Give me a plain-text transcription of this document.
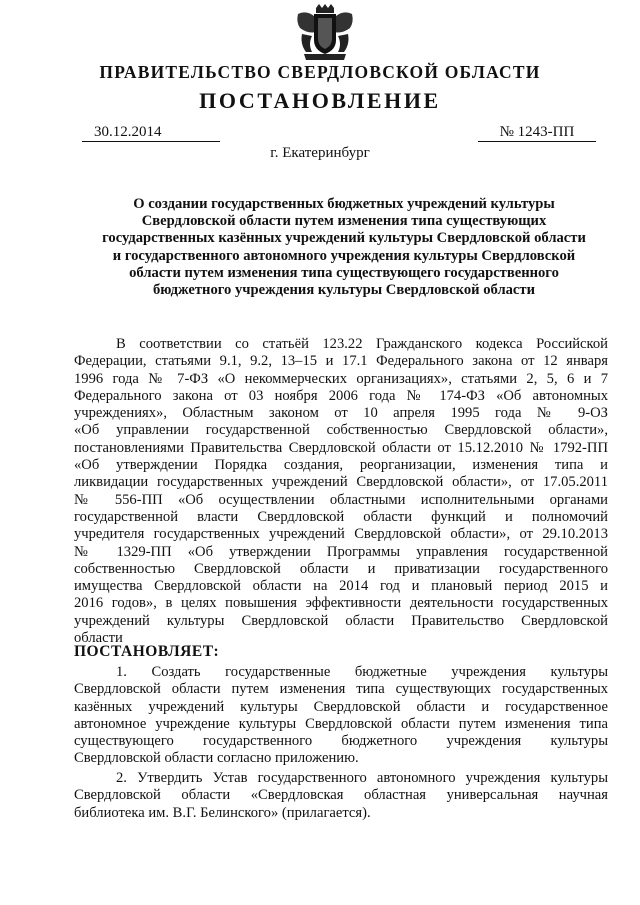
ПРАВИТЕЛЬСТВО СВЕРДЛОВСКОЙ ОБЛАСТИ
ПОСТАНОВЛЕНИЕ
30.12.2014	№ 1243-ПП
г. Екатеринбург
О создании государственных бюджетных учреждений культуры
Свердловской области путем изменения типа существующих
государственных казённых учреждений культуры Свердловской области
и государственного автономного учреждения культуры Свердловской
области путем изменения типа существующего государственного
бюджетного учреждения культуры Свердловской области
В соответствии со статьёй 123.22 Гражданского кодекса Российской
Федерации, статьями 9.1, 9.2, 13–15 и 17.1 Федерального закона от 12 января
1996 года № 7-ФЗ «О некоммерческих организациях», статьями 2, 5, 6 и 7
Федерального закона от 03 ноября 2006 года № 174-ФЗ «Об автономных
учреждениях», Областным законом от 10 апреля 1995 года № 9-ОЗ
«Об управлении государственной собственностью Свердловской области»,
постановлениями Правительства Свердловской области от 15.12.2010 № 1792-ПП
«Об утверждении Порядка создания, реорганизации, изменения типа и
ликвидации государственных учреждений Свердловской области», от 17.05.2011
№ 556-ПП «Об осуществлении областными исполнительными органами
государственной власти Свердловской области функций и полномочий
учредителя государственных учреждений Свердловской области», от 29.10.2013
№ 1329-ПП «Об утверждении Программы управления государственной
собственностью Свердловской области и приватизации государственного
имущества Свердловской области на 2014 год и плановый период 2015 и
2016 годов», в целях повышения эффективности деятельности государственных
учреждений культуры Свердловской области Правительство Свердловской
области
ПОСТАНОВЛЯЕТ:
1. Создать государственные бюджетные учреждения культуры
Свердловской области путем изменения типа существующих государственных
казённых учреждений культуры Свердловской области и государственное
автономное учреждение культуры Свердловской области путем изменения типа
существующего государственного бюджетного учреждения культуры
Свердловской области согласно приложению.
2. Утвердить Устав государственного автономного учреждения культуры
Свердловской области «Свердловская областная универсальная научная
библиотека им. В.Г. Белинского» (прилагается).
